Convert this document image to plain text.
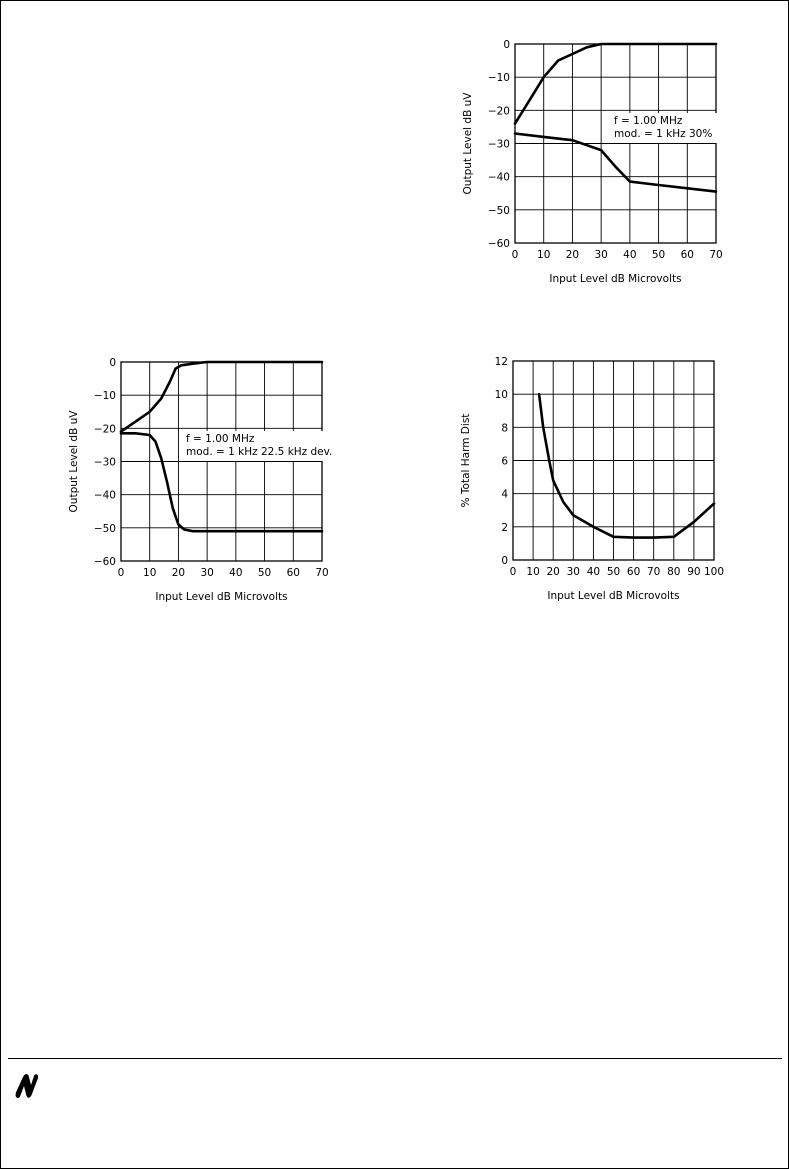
0 10 20 30 40 50 60 70
0
−10
−20
−30
−40
−50
−60
Input Level dB Microvolts
Output Level dB uV	f = 1.00 MHz
mod. = 1 kHz 30%
0 10 20 30 40 50 60 70
0
−10
−20
−30
−40
−50
−60
Input Level dB Microvolts
Output Level dB uV	f = 1.00 MHz
mod. = 1 kHz 22.5 kHz dev.
0 10 20 30 40 50 60 70 80 90 100
0
2
4
6
8
10
12
Input Level dB Microvolts
% Total Harm Dist
